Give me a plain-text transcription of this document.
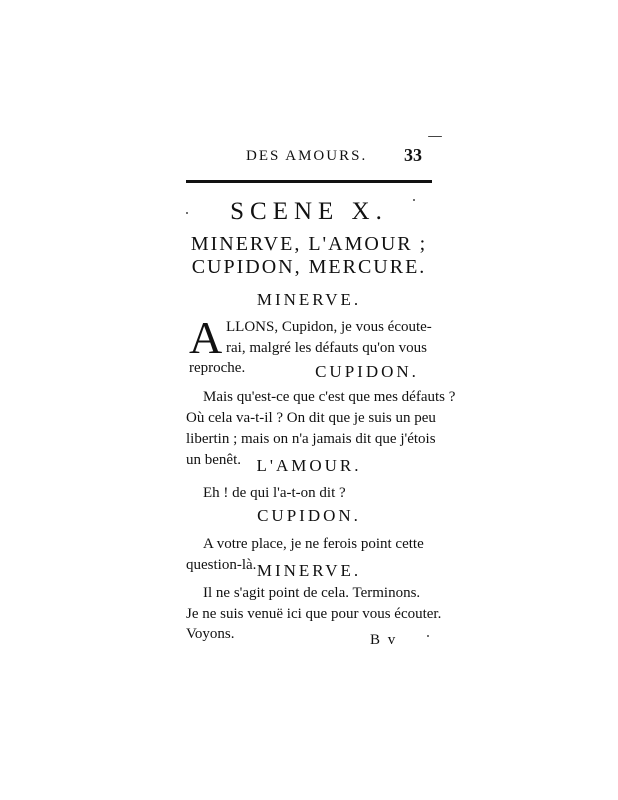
DES AMOURS. 33
SCENE X.
MINERVE, L'AMOUR ;
CUPIDON, MERCURE.
MINERVE.
A LLONS, Cupidon, je vous écoute-
rai, malgré les défauts qu'on vous
reproche.	CUPIDON.
Mais qu'est-ce que c'est que mes défauts ?
Où cela va-t-il ? On dit que je suis un peu
libertin ; mais on n'a jamais dit que j'étois
un benêt. L'AMOUR.
Eh ! de qui l'a-t-on dit ?
CUPIDON.
A votre place, je ne ferois point cette
question-là. MINERVE.
Il ne s'agit point de cela. Terminons.
Je ne suis venuë ici que pour vous écouter.
Voyons.	B v
